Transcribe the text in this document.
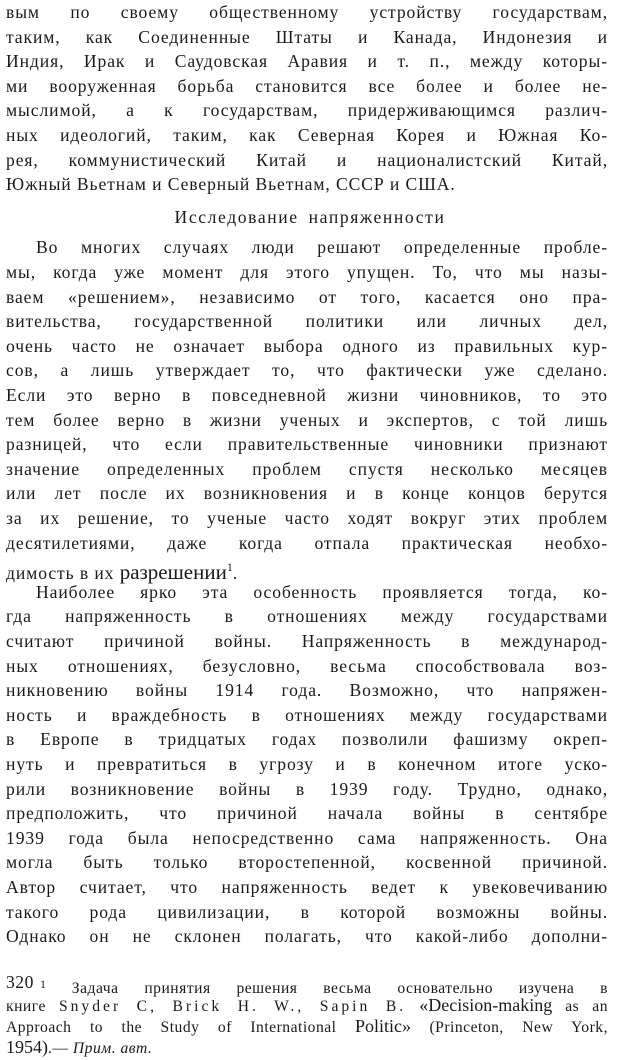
вым по своему общественному устройству государствам,
таким, как Соединенные Штаты и Канада, Индонезия и
Индия, Ирак и Саудовская Аравия и т. п., между которы-
ми вооруженная борьба становится все более и более не-
мыслимой, а к государствам, придерживающимся различ-
ных идеологий, таким, как Северная Корея и Южная Ко-
рея, коммунистический Китай и националистский Китай,
Южный Вьетнам и Северный Вьетнам, СССР и США.
Исследование напряженности
Во многих случаях люди решают определенные пробле-
мы, когда уже момент для этого упущен. То, что мы назы-
ваем «решением», независимо от того, касается оно пра-
вительства, государственной политики или личных дел,
очень часто не означает выбора одного из правильных кур-
сов, а лишь утверждает то, что фактически уже сделано.
Если это верно в повседневной жизни чиновников, то это
тем более верно в жизни ученых и экспертов, с той лишь
разницей, что если правительственные чиновники признают
значение определенных проблем спустя несколько месяцев
или лет после их возникновения и в конце концов берутся
за их решение, то ученые часто ходят вокруг этих проблем
десятилетиями, даже когда отпала практическая необхо-
димость в их разрешении$^1$.
Наиболее ярко эта особенность проявляется тогда, ко-
гда напряженность в отношениях между государствами
считают причиной войны. Напряженность в международ-
ных отношениях, безусловно, весьма способствовала воз-
никновению войны 1914 года. Возможно, что напряжен-
ность и враждебность в отношениях между государствами
в Европе в тридцатых годах позволили фашизму окреп-
нуть и превратиться в угрозу и в конечном итоге уско-
рили возникновение войны в 1939 году. Трудно, однако,
предположить, что причиной начала войны в сентябре
1939 года была непосредственно сама напряженность. Она
могла быть только второстепенной, косвенной причиной.
Автор считает, что напряженность ведет к увековечиванию
такого рода цивилизации, в которой возможны войны.
Однако он не склонен полагать, что какой-либо дополни-
$^1$ Задача принятия решения весьма основательно изучена в
книге Snyder C, Brick H. W., Sapin B. «Decision-making as an
Approach to the Study of International Politic» (Princeton, New York,
1954).— Прим. авт.
320
